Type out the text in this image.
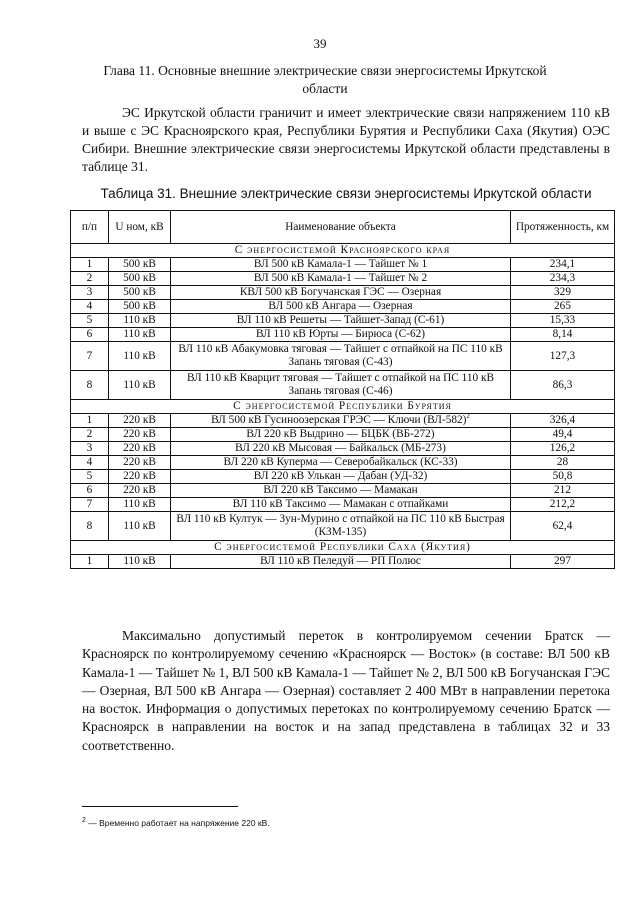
39
Глава 11. Основные внешние электрические связи энергосистемы Иркутской области

ЭС Иркутской области граничит и имеет электрические связи напряжением 110 кВ и выше с ЭС Красноярского края, Республики Бурятия и Республики Саха (Якутия) ОЭС Сибири. Внешние электрические связи энергосистемы Иркутской области представлены в таблице 31.

Таблица 31. Внешние электрические связи энергосистемы Иркутской области
п/п	U ном, кВ	Наименование объекта	Протяженность, км
С энергосистемой Красноярского края			
1	500 кВ	ВЛ 500 кВ Камала-1 — Тайшет № 1	234,1
2	500 кВ	ВЛ 500 кВ Камала-1 — Тайшет № 2	234,3
3	500 кВ	КВЛ 500 кВ Богучанская ГЭС — Озерная	329
4	500 кВ	ВЛ 500 кВ Ангара — Озерная	265
5	110 кВ	ВЛ 110 кВ Решеты — Тайшет-Запад (С-61)	15,33
6	110 кВ	ВЛ 110 кВ Юрты — Бирюса (С-62)	8,14
7	110 кВ	ВЛ 110 кВ Абакумовка тяговая — Тайшет с отпайкой на ПС 110 кВ Запань тяговая (С-43)	127,3
8	110 кВ	ВЛ 110 кВ Кварцит тяговая — Тайшет с отпайкой на ПС 110 кВ Запань тяговая (С-46)	86,3
С энергосистемой Республики Бурятия			
1	220 кВ	ВЛ 500 кВ Гусиноозерская ГРЭС — Ключи $(ВЛ-582)^2$	326,4
2	220 кВ	ВЛ 220 кВ Выдрино — БЦБК (ВБ-272)	49,4
3	220 кВ	ВЛ 220 кВ Мысовая — Байкальск (МБ-273)	126,2
4	220 кВ	ВЛ 220 кВ Куперма — Северобайкальск (КС-33)	28
5	220 кВ	ВЛ 220 кВ Улькан — Дабан (УД-32)	50,8
6	220 кВ	ВЛ 220 кВ Таксимо — Мамакан	212
7	110 кВ	ВЛ 110 кВ Таксимо — Мамакан с отпайками	212,2
8	110 кВ	ВЛ 110 кВ Култук — Зун-Мурино с отпайкой на ПС 110 кВ Быстрая (КЗМ-135)	62,4
С энергосистемой Республики Саха (Якутия)			
1	110 кВ	ВЛ 110 кВ Пеледуй — РП Полюс	297

Максимально допустимый переток в контролируемом сечении Братск — Красноярск по контролируемому сечению «Красноярск — Восток» (в составе: ВЛ 500 кВ Камала-1 — Тайшет № 1, ВЛ 500 кВ Камала-1 — Тайшет № 2, ВЛ 500 кВ Богучанская ГЭС — Озерная, ВЛ 500 кВ Ангара — Озерная) составляет 2 400 МВт в направлении перетока на восток. Информация о допустимых перетоках по контролируемому сечению Братск — Красноярск в направлении на восток и на запад представлена в таблицах 32 и 33 соответственно.

$^2$ — Временно работает на напряжение 220 кВ.
